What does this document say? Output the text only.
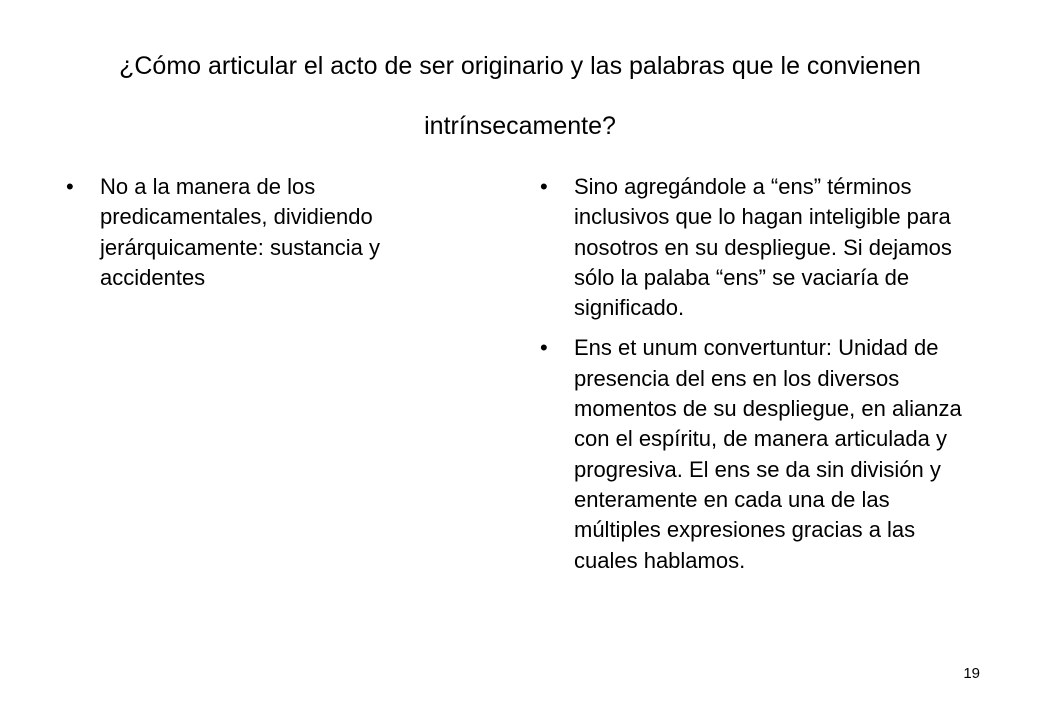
¿Cómo articular el acto de ser originario y las palabras que le convienen intrínsecamente?
• No a la manera de los predicamentales, dividiendo jerárquicamente: sustancia y accidentes
• Sino agregándole a “ens” términos inclusivos que lo hagan inteligible para nosotros en su despliegue. Si dejamos sólo la palaba “ens” se vaciaría de significado.
• Ens et unum convertuntur: Unidad de presencia del ens en los diversos momentos de su despliegue, en alianza con el espíritu, de manera articulada y progresiva. El ens se da sin división y enteramente en cada una de las múltiples expresiones gracias a las cuales hablamos.
19
